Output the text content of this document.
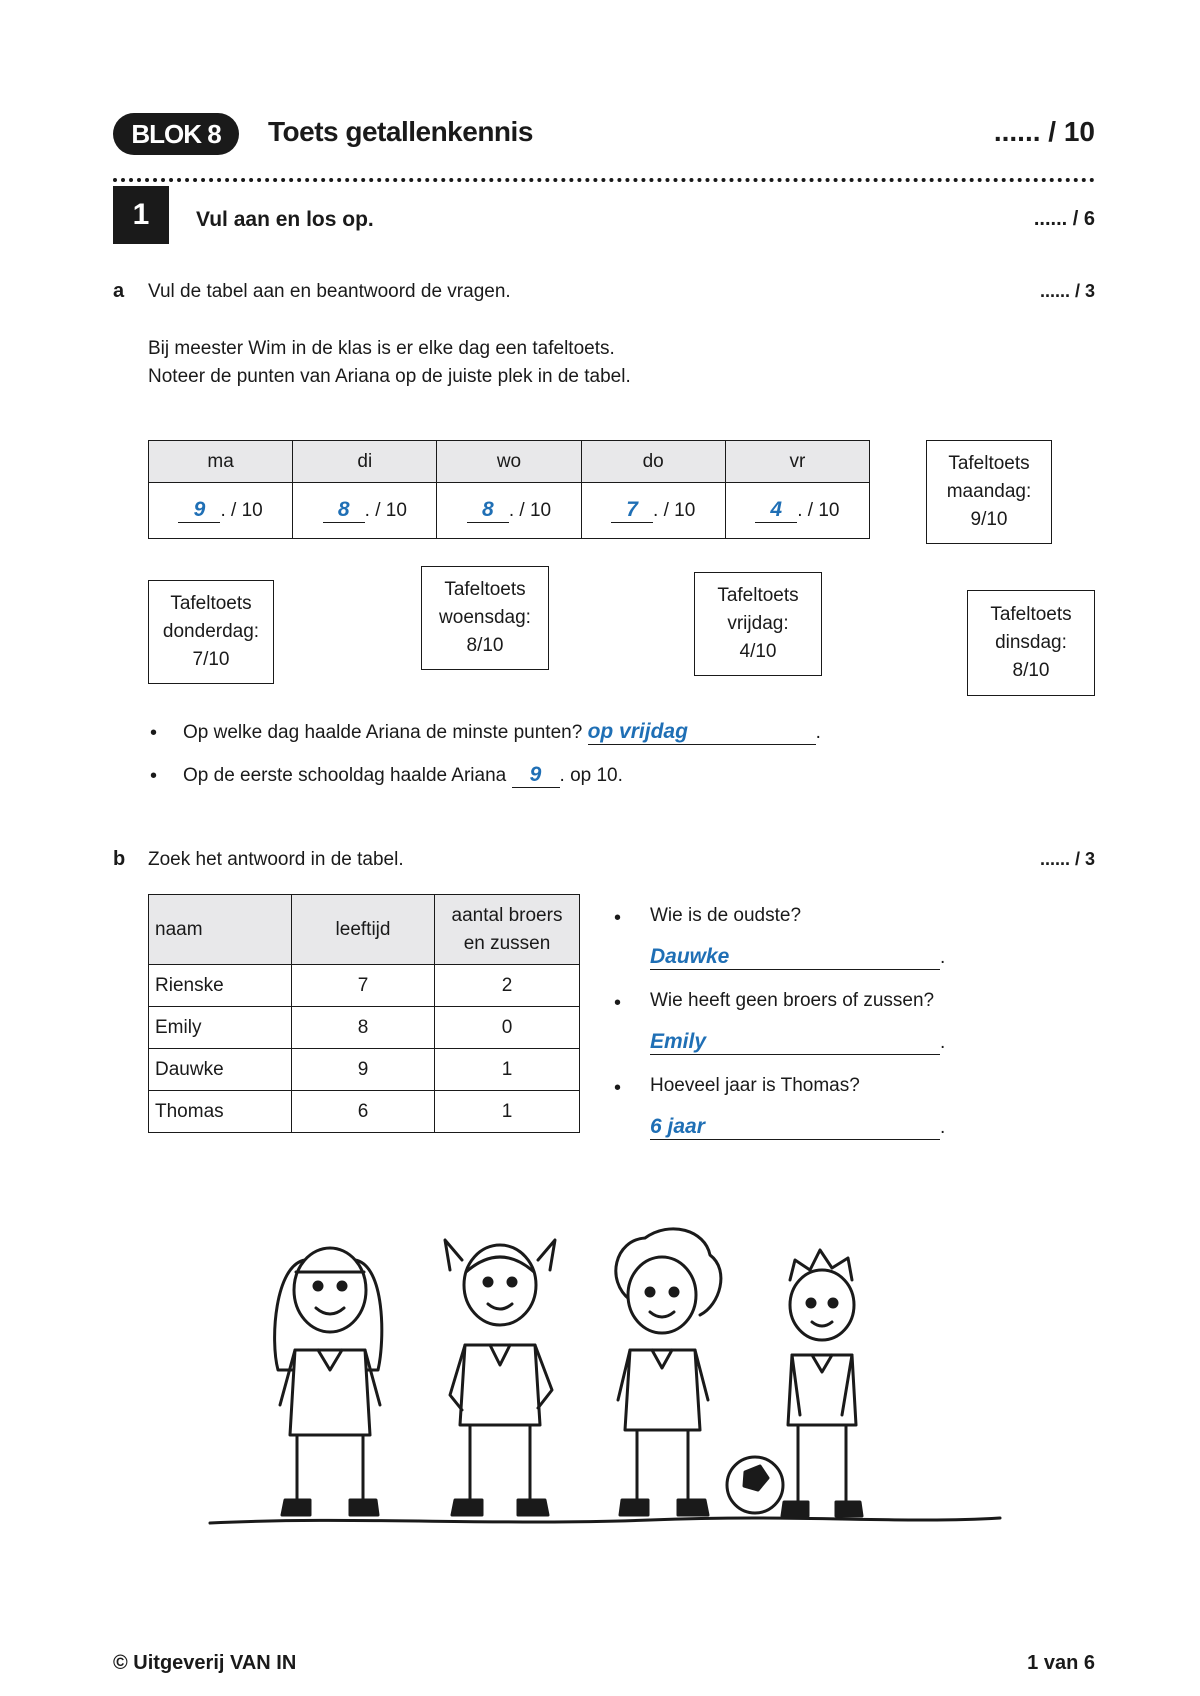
BLOK 8	Toets getallenkennis	...... / 10
1	Vul aan en los op.	...... / 6
a Vul de tabel aan en beantwoord de vragen.	...... / 3
Bij meester Wim in de klas is er elke dag een tafeltoets.
Noteer de punten van Ariana op de juiste plek in de tabel.
ma	di	wo	do	vr
9 . / 10	8 . / 10	8 . / 10	7 . / 10	4 . / 10
Tafeltoets
maandag:
9/10
Tafeltoets
donderdag:
7/10
Tafeltoets
woensdag:
8/10
Tafeltoets
vrijdag:
4/10
Tafeltoets
dinsdag:
8/10
• Op welke dag haalde Ariana de minste punten? op vrijdag	.
• Op de eerste schooldag haalde Ariana 9 . op 10.
b Zoek het antwoord in de tabel.	...... / 3
naam	leeftijd	aantal broers
en zussen
Rienske	7	2
Emily	8	0
Dauwke	9	1
Thomas	6	1
• Wie is de oudste?
Dauwke	.
• Wie heeft geen broers of zussen?
Emily	.
• Hoeveel jaar is Thomas?
6 jaar	.
© Uitgeverij VAN IN	1 van 6
